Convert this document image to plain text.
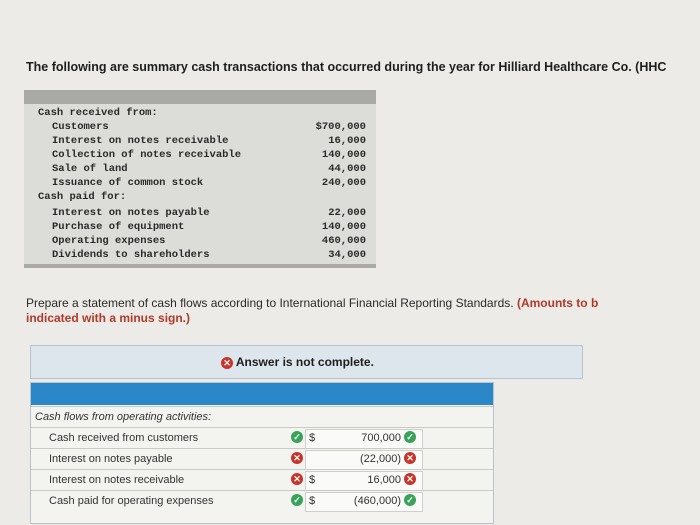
The following are summary cash transactions that occurred during the year for Hilliard Healthcare Co. (HHC
Cash received from:
Customers	$700,000
Interest on notes receivable	16,000
Collection of notes receivable	140,000
Sale of land	44,000
Issuance of common stock	240,000
Cash paid for:
Interest on notes payable	22,000
Purchase of equipment	140,000
Operating expenses	460,000
Dividends to shareholders	34,000
Prepare a statement of cash flows according to International Financial Reporting Standards. (Amounts to b
indicated with a minus sign.)
✕ Answer is not complete.
Cash flows from operating activities:
Cash received from customers	✓ $	700,000 ✓
Interest on notes payable	✕	(22,000) ✕
Interest on notes receivable	✕ $	16,000 ✕
Cash paid for operating expenses	✓ $	(460,000) ✓
